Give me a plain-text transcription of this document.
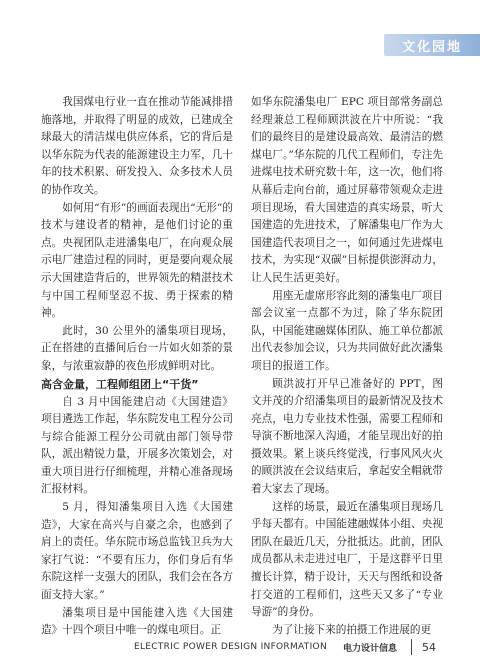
文化园地

我国煤电行业一直在推动节能减排措施落地，并取得了明显的成效，已建成全球最大的清洁煤电供应体系，它的背后是以华东院为代表的能源建设主力军，几十年的技术积累、研发投入、众多技术人员的协作攻关。

如何用“有形”的画面表现出“无形”的技术与建设者的精神，是他们讨论的重点。央视团队走进潘集电厂，在向观众展示电厂建造过程的同时，更是要向观众展示大国建造背后的，世界领先的精湛技术与中国工程师坚忍不拔、勇于探索的精神。

此时，30 公里外的潘集项目现场，正在搭建的直播间后台一片如火如荼的景象，与浓重寂静的夜色形成鲜明对比。

高含金量，工程师组团上“干货”

自 3 月中国能建启动《大国建造》项目遴选工作起，华东院发电工程分公司与综合能源工程分公司就由部门领导带队，派出精锐力量，开展多次策划会，对重大项目进行仔细梳理，并精心准备现场汇报材料。

5 月，得知潘集项目入选《大国建造》，大家在高兴与自豪之余，也感到了肩上的责任。华东院市场总监钱卫兵为大家打气说：“不要有压力，你们身后有华东院这样一支强大的团队，我们会在各方面支持大家。”

潘集项目是中国能建入选《大国建造》十四个项目中唯一的煤电项目。正

如华东院潘集电厂 EPC 项目部常务副总经理兼总工程师顾洪波在片中所说：“我们的最终目的是建设最高效、最清洁的燃煤电厂。”华东院的几代工程师们，专注先进煤电技术研究数十年，这一次，他们将从幕后走向台前，通过屏幕带领观众走进项目现场，看大国建造的真实场景，听大国建造的先进技术，了解潘集电厂作为大国建造代表项目之一，如何通过先进煤电技术，为实现“双碳”目标提供澎湃动力，让人民生活更美好。

用座无虚席形容此刻的潘集电厂项目部会议室一点都不为过，除了华东院团队，中国能建融媒体团队、施工单位都派出代表参加会议，只为共同做好此次潘集项目的报道工作。

顾洪波打开早已准备好的 PPT，图文并茂的介绍潘集项目的最新情况及技术亮点，电力专业技术性强，需要工程师和导演不断地深入沟通，才能呈现出好的拍摄效果。紧上谈兵终觉浅，行事风风火火的顾洪波在会议结束后，拿起安全帽就带着大家去了现场。

这样的场景，最近在潘集项目现场几乎每天都有。中国能建融媒体小组、央视团队在最近几天，分批抵达。此前，团队成员都从未走进过电厂，于是这群平日里擅长计算，精于设计，天天与图纸和设备打交道的工程师们，这些天又多了“专业导游”的身份。

为了让接下来的拍摄工作进展的更

ELECTRIC POWER DESIGN INFORMATION 电力设计信息 54
